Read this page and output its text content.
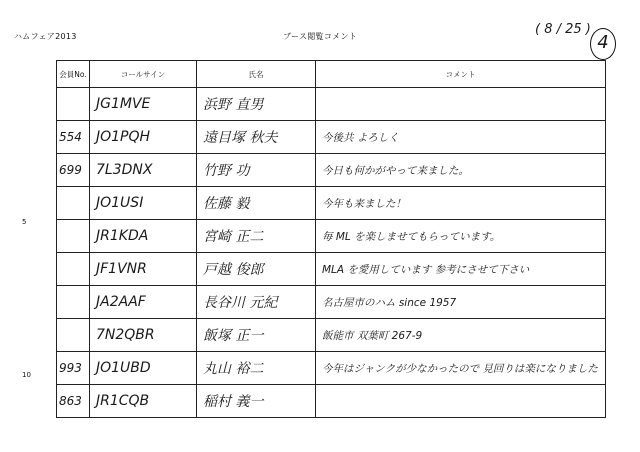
ハムフェア2013	ブース閲覧コメント	( 8 / 25 )
4
5
10
会員No.	コールサイン	氏名	コメント

	JG1MVE	浜野 直男	

554	JO1PQH	遠目塚 秋夫	今後共 よろしく

699	7L3DNX	竹野 功	今日も何かがやって来ました。

	JO1USI	佐藤 毅	今年も来ました！

	JR1KDA	宮崎 正二	毎 ML を楽しませてもらっています。

	JF1VNR	戸越 俊郎	MLA を愛用しています 参考にさせて下さい

	JA2AAF	長谷川 元紀	名古屋市のハム since 1957

	7N2QBR	飯塚 正一	飯能市 双葉町 267-9

993	JO1UBD	丸山 裕二	今年はジャンクが少なかったので 見回りは楽になりました

863	JR1CQB	稲村 義一	
